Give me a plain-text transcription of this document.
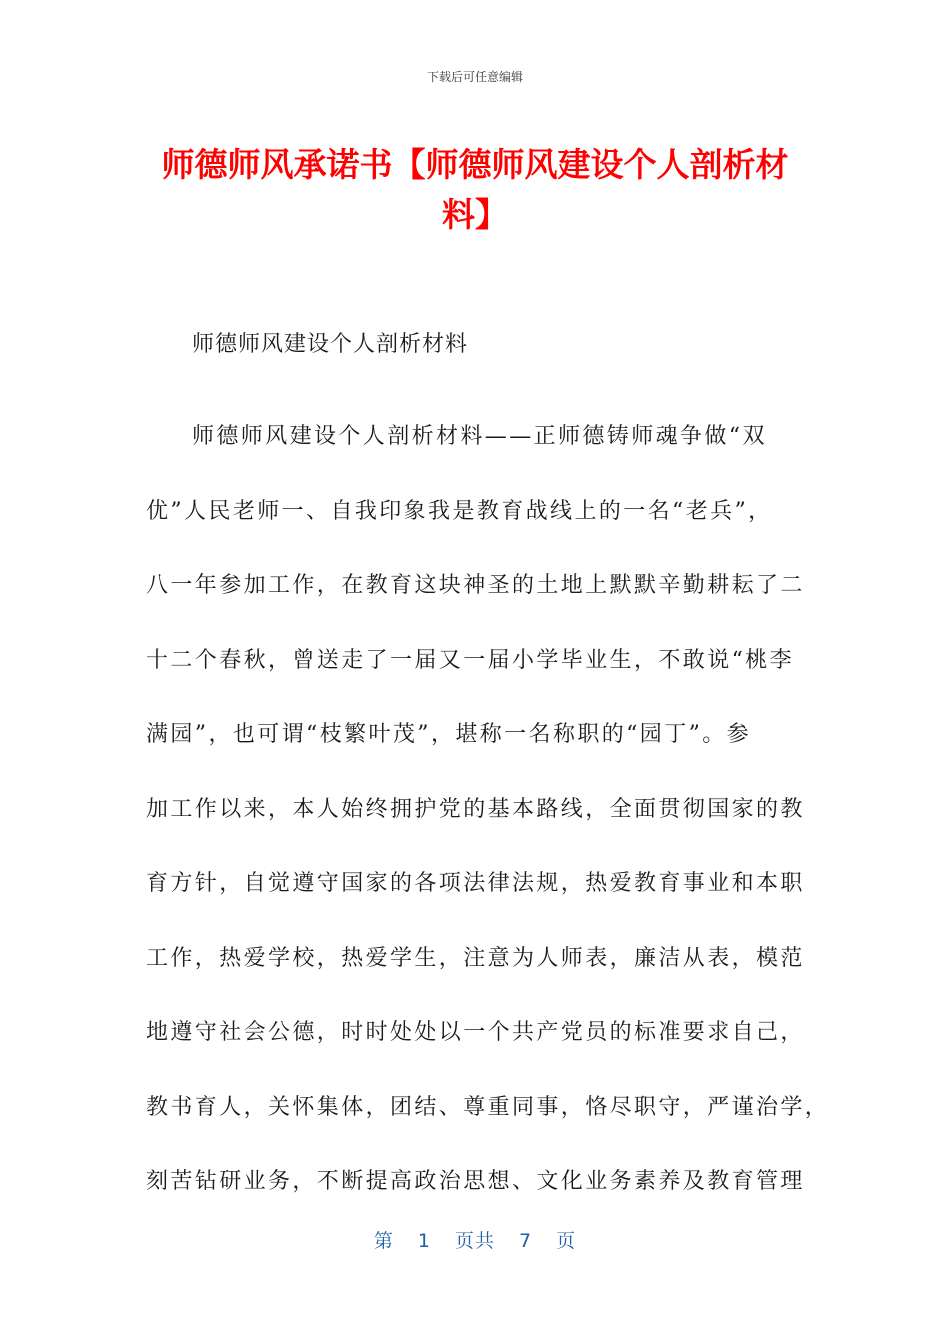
下载后可任意编辑
师德师风承诺书【师德师风建设个人剖析材料】

师德师风建设个人剖析材料

师德师风建设个人剖析材料——正师德铸师魂争做“双
优”人民老师一、自我印象我是教育战线上的一名“老兵”，
八一年参加工作，在教育这块神圣的土地上默默辛勤耕耘了二
十二个春秋，曾送走了一届又一届小学毕业生，不敢说“桃李
满园”，也可谓“枝繁叶茂”，堪称一名称职的“园丁”。参
加工作以来，本人始终拥护党的基本路线，全面贯彻国家的教
育方针，自觉遵守国家的各项法律法规，热爱教育事业和本职
工作，热爱学校，热爱学生，注意为人师表，廉洁从表，模范
地遵守社会公德，时时处处以一个共产党员的标准要求自己，
教书育人，关怀集体，团结、尊重同事，恪尽职守，严谨治学，
刻苦钻研业务，不断提高政治思想、文化业务素养及教育管理
第 1 页共 7 页
